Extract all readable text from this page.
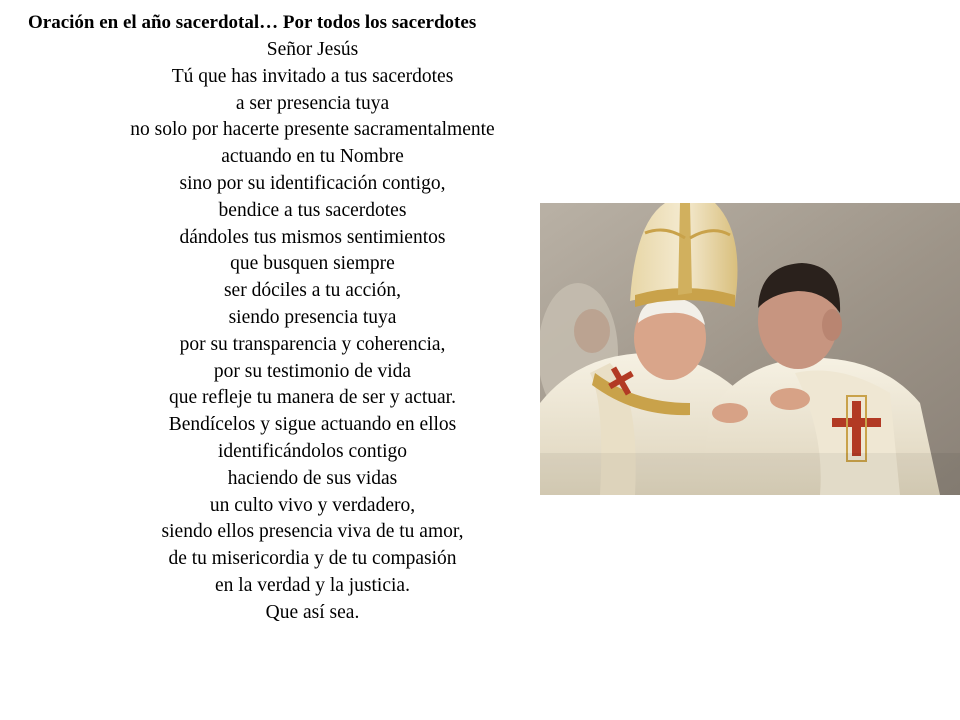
Oración en el año sacerdotal… Por todos los sacerdotes
Señor Jesús
Tú que has invitado a tus sacerdotes
a ser presencia tuya
no solo por hacerte presente sacramentalmente
actuando en tu Nombre
sino por su identificación contigo,
bendice a tus sacerdotes
dándoles tus mismos sentimientos
que busquen siempre
ser dóciles a tu acción,
siendo presencia tuya
por su transparencia y coherencia,
por su testimonio de vida
que refleje tu manera de ser y actuar.
Bendícelos y sigue actuando en ellos
identificándolos contigo
haciendo de sus vidas
un culto vivo y verdadero,
siendo ellos presencia viva de tu amor,
de tu misericordia y de tu compasión
en la verdad y la justicia.
Que así sea.
